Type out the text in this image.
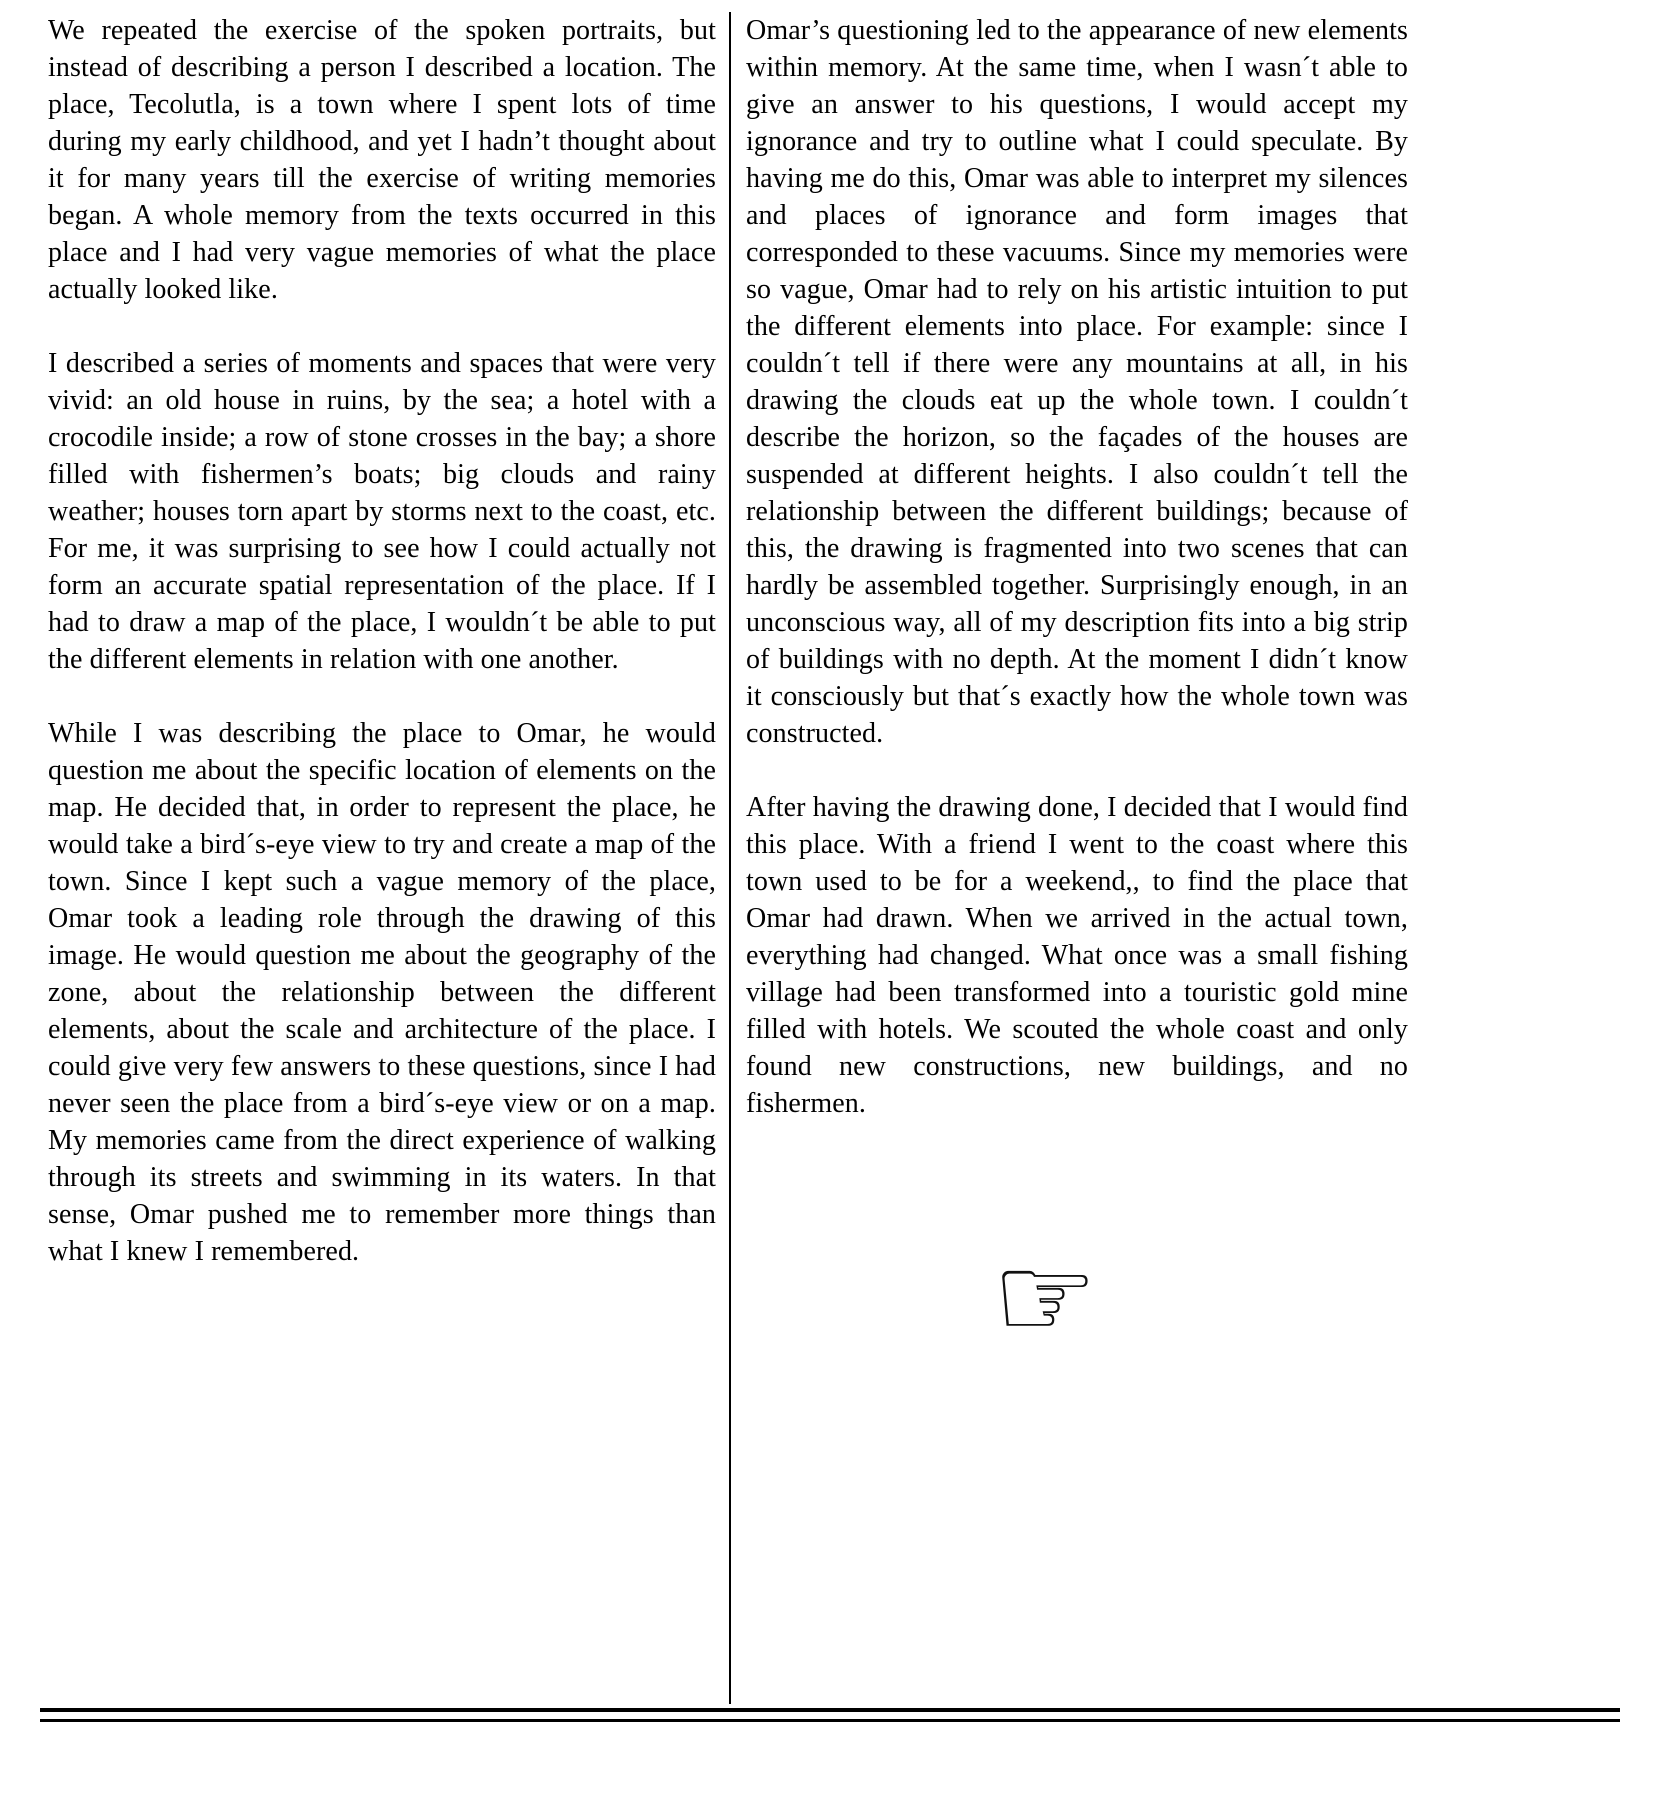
We repeated the exercise of the spoken portraits, but instead of describing a person I described a location. The place, Tecolutla, is a town where I spent lots of time during my early childhood, and yet I hadn’t thought about it for many years till the exercise of writing memories began. A whole memory from the texts occurred in this place and I had very vague memories of what the place actually looked like.

I described a series of moments and spaces that were very vivid: an old house in ruins, by the sea; a hotel with a crocodile inside; a row of stone crosses in the bay; a shore filled with fishermen’s boats; big clouds and rainy weather; houses torn apart by storms next to the coast, etc. For me, it was surprising to see how I could actually not form an accurate spatial representation of the place. If I had to draw a map of the place, I wouldn´t be able to put the different elements in relation with one another.

While I was describing the place to Omar, he would question me about the specific location of elements on the map. He decided that, in order to represent the place, he would take a bird´s-eye view to try and create a map of the town. Since I kept such a vague memory of the place, Omar took a leading role through the drawing of this image. He would question me about the geography of the zone, about the relationship between the different elements, about the scale and architecture of the place. I could give very few answers to these questions, since I had never seen the place from a bird´s-eye view or on a map. My memories came from the direct experience of walking through its streets and swimming in its waters. In that sense, Omar pushed me to remember more things than what I knew I remembered.

Omar’s questioning led to the appearance of new elements within memory. At the same time, when I wasn´t able to give an answer to his questions, I would accept my ignorance and try to outline what I could speculate. By having me do this, Omar was able to interpret my silences and places of ignorance and form images that corresponded to these vacuums. Since my memories were so vague, Omar had to rely on his artistic intuition to put the different elements into place. For example: since I couldn´t tell if there were any mountains at all, in his drawing the clouds eat up the whole town. I couldn´t describe the horizon, so the façades of the houses are suspended at different heights. I also couldn´t tell the relationship between the different buildings; because of this, the drawing is fragmented into two scenes that can hardly be assembled together. Surprisingly enough, in an unconscious way, all of my description fits into a big strip of buildings with no depth. At the moment I didn´t know it consciously but that´s exactly how the whole town was constructed.

After having the drawing done, I decided that I would find this place. With a friend I went to the coast where this town used to be for a weekend,, to find the place that Omar had drawn. When we arrived in the actual town, everything had changed. What once was a small fishing village had been transformed into a touristic gold mine filled with hotels. We scouted the whole coast and only found new constructions, new buildings, and no fishermen.

☞
